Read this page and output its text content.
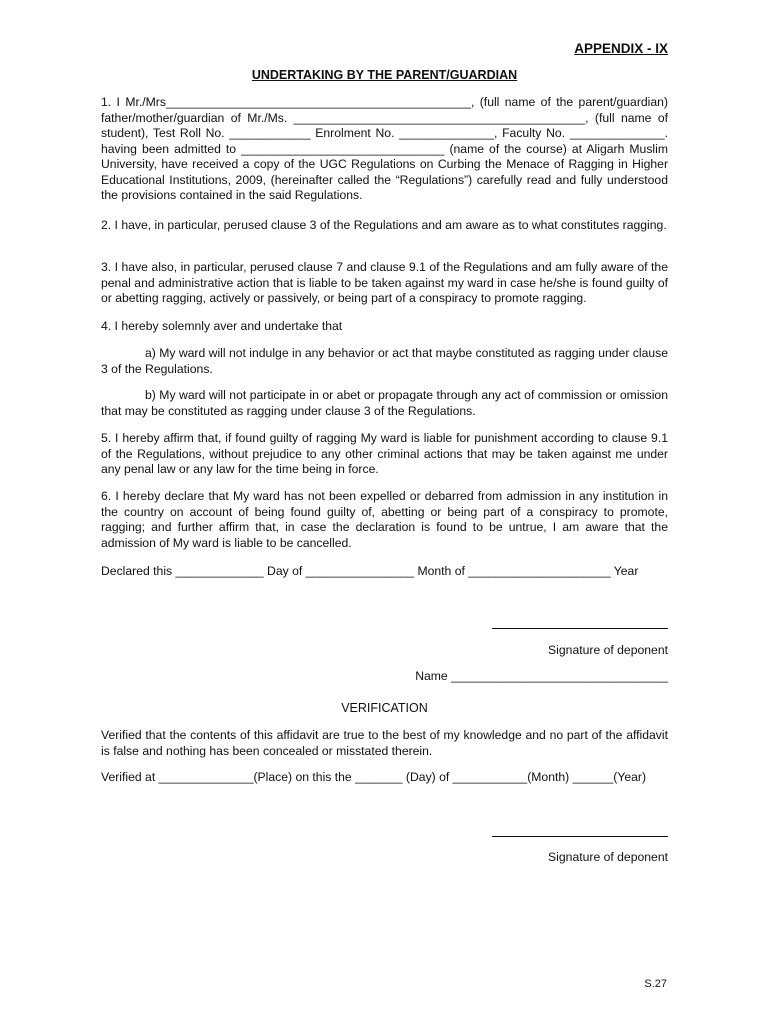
APPENDIX - IX
UNDERTAKING BY THE PARENT/GUARDIAN
1. I Mr./Mrs_____________________________________________, (full name of the parent/guardian) father/mother/guardian of Mr./Ms. ___________________________________________, (full name of student), Test Roll No. ____________ Enrolment No. ______________, Faculty No. ______________. having been admitted to ______________________________ (name of the course) at Aligarh Muslim University, have received a copy of the UGC Regulations on Curbing the Menace of Ragging in Higher Educational Institutions, 2009, (hereinafter called the “Regulations”) carefully read and fully understood the provisions contained in the said Regulations.
2. I have, in particular, perused clause 3 of the Regulations and am aware as to what constitutes ragging.
3. I have also, in particular, perused clause 7 and clause 9.1 of the Regulations and am fully aware of the penal and administrative action that is liable to be taken against my ward in case he/she is found guilty of or abetting ragging, actively or passively, or being part of a conspiracy to promote ragging.
4. I hereby solemnly aver and undertake that
a) My ward will not indulge in any behavior or act that maybe constituted as ragging under clause 3 of the Regulations.
b) My ward will not participate in or abet or propagate through any act of commission or omission that may be constituted as ragging under clause 3 of the Regulations.
5. I hereby affirm that, if found guilty of ragging My ward is liable for punishment according to clause 9.1 of the Regulations, without prejudice to any other criminal actions that may be taken against me under any penal law or any law for the time being in force.
6. I hereby declare that My ward has not been expelled or debarred from admission in any institution in the country on account of being found guilty of, abetting or being part of a conspiracy to promote, ragging; and further affirm that, in case the declaration is found to be untrue, I am aware that the admission of My ward is liable to be cancelled.
Declared this _____________ Day of ________________ Month of _____________________ Year
Signature of deponent
Name ________________________________
VERIFICATION
Verified that the contents of this affidavit are true to the best of my knowledge and no part of the affidavit is false and nothing has been concealed or misstated therein.
Verified at ______________(Place) on this the _______ (Day) of ___________(Month) ______(Year)
Signature of deponent
S.27
